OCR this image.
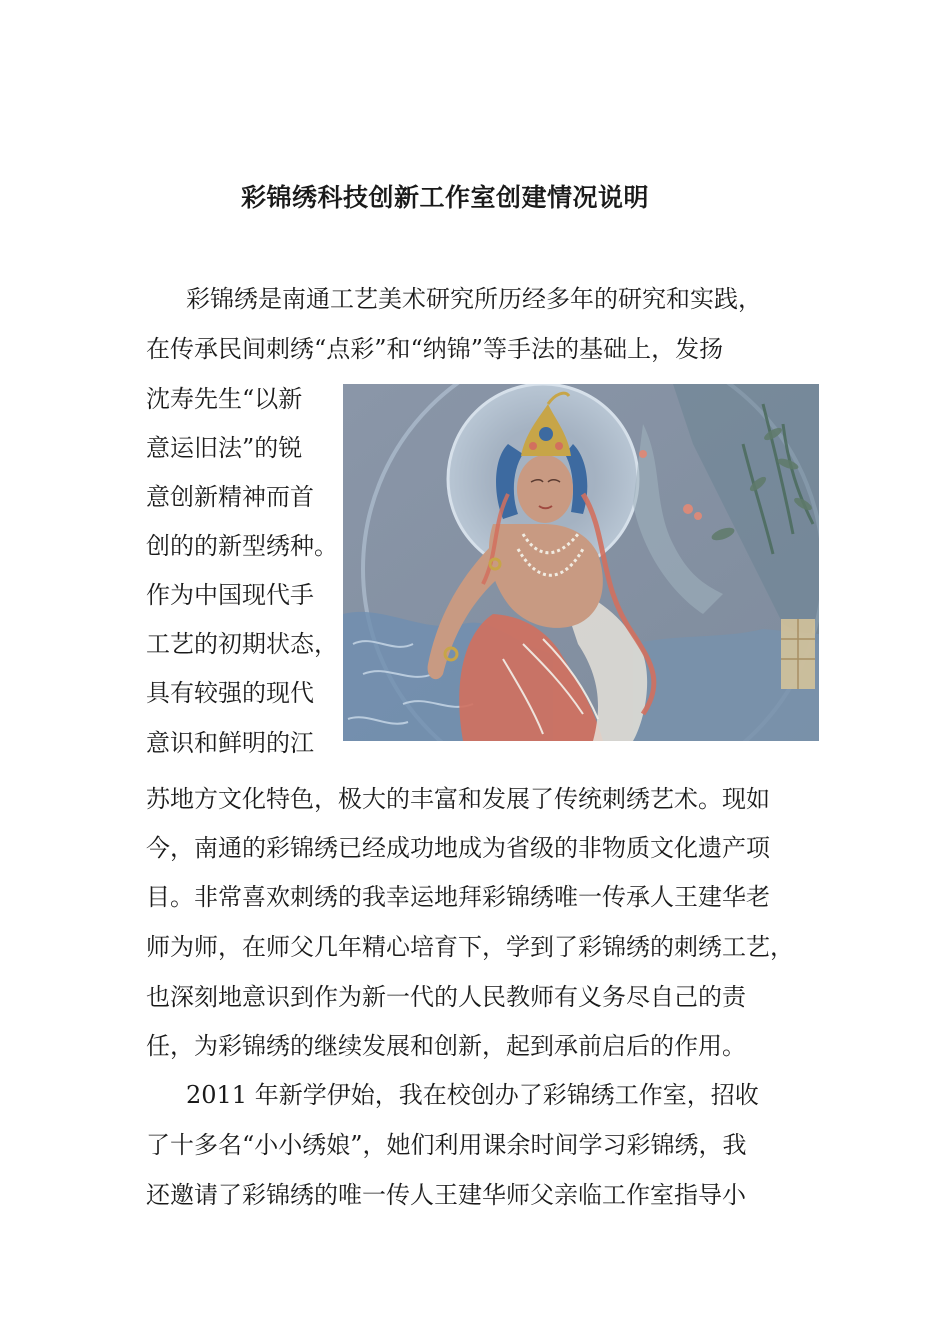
彩锦绣科技创新工作室创建情况说明

彩锦绣是南通工艺美术研究所历经多年的研究和实践，

在传承民间刺绣“点彩”和“纳锦”等手法的基础上，发扬

沈寿先生“以新

意运旧法”的锐

意创新精神而首

创的的新型绣种。

作为中国现代手

工艺的初期状态，

具有较强的现代

意识和鲜明的江

苏地方文化特色，极大的丰富和发展了传统刺绣艺术。现如

今，南通的彩锦绣已经成功地成为省级的非物质文化遗产项

目。非常喜欢刺绣的我幸运地拜彩锦绣唯一传承人王建华老

师为师，在师父几年精心培育下，学到了彩锦绣的刺绣工艺，

也深刻地意识到作为新一代的人民教师有义务尽自己的责

任，为彩锦绣的继续发展和创新，起到承前启后的作用。

2011 年新学伊始，我在校创办了彩锦绣工作室，招收

了十多名“小小绣娘”，她们利用课余时间学习彩锦绣，我

还邀请了彩锦绣的唯一传人王建华师父亲临工作室指导小
